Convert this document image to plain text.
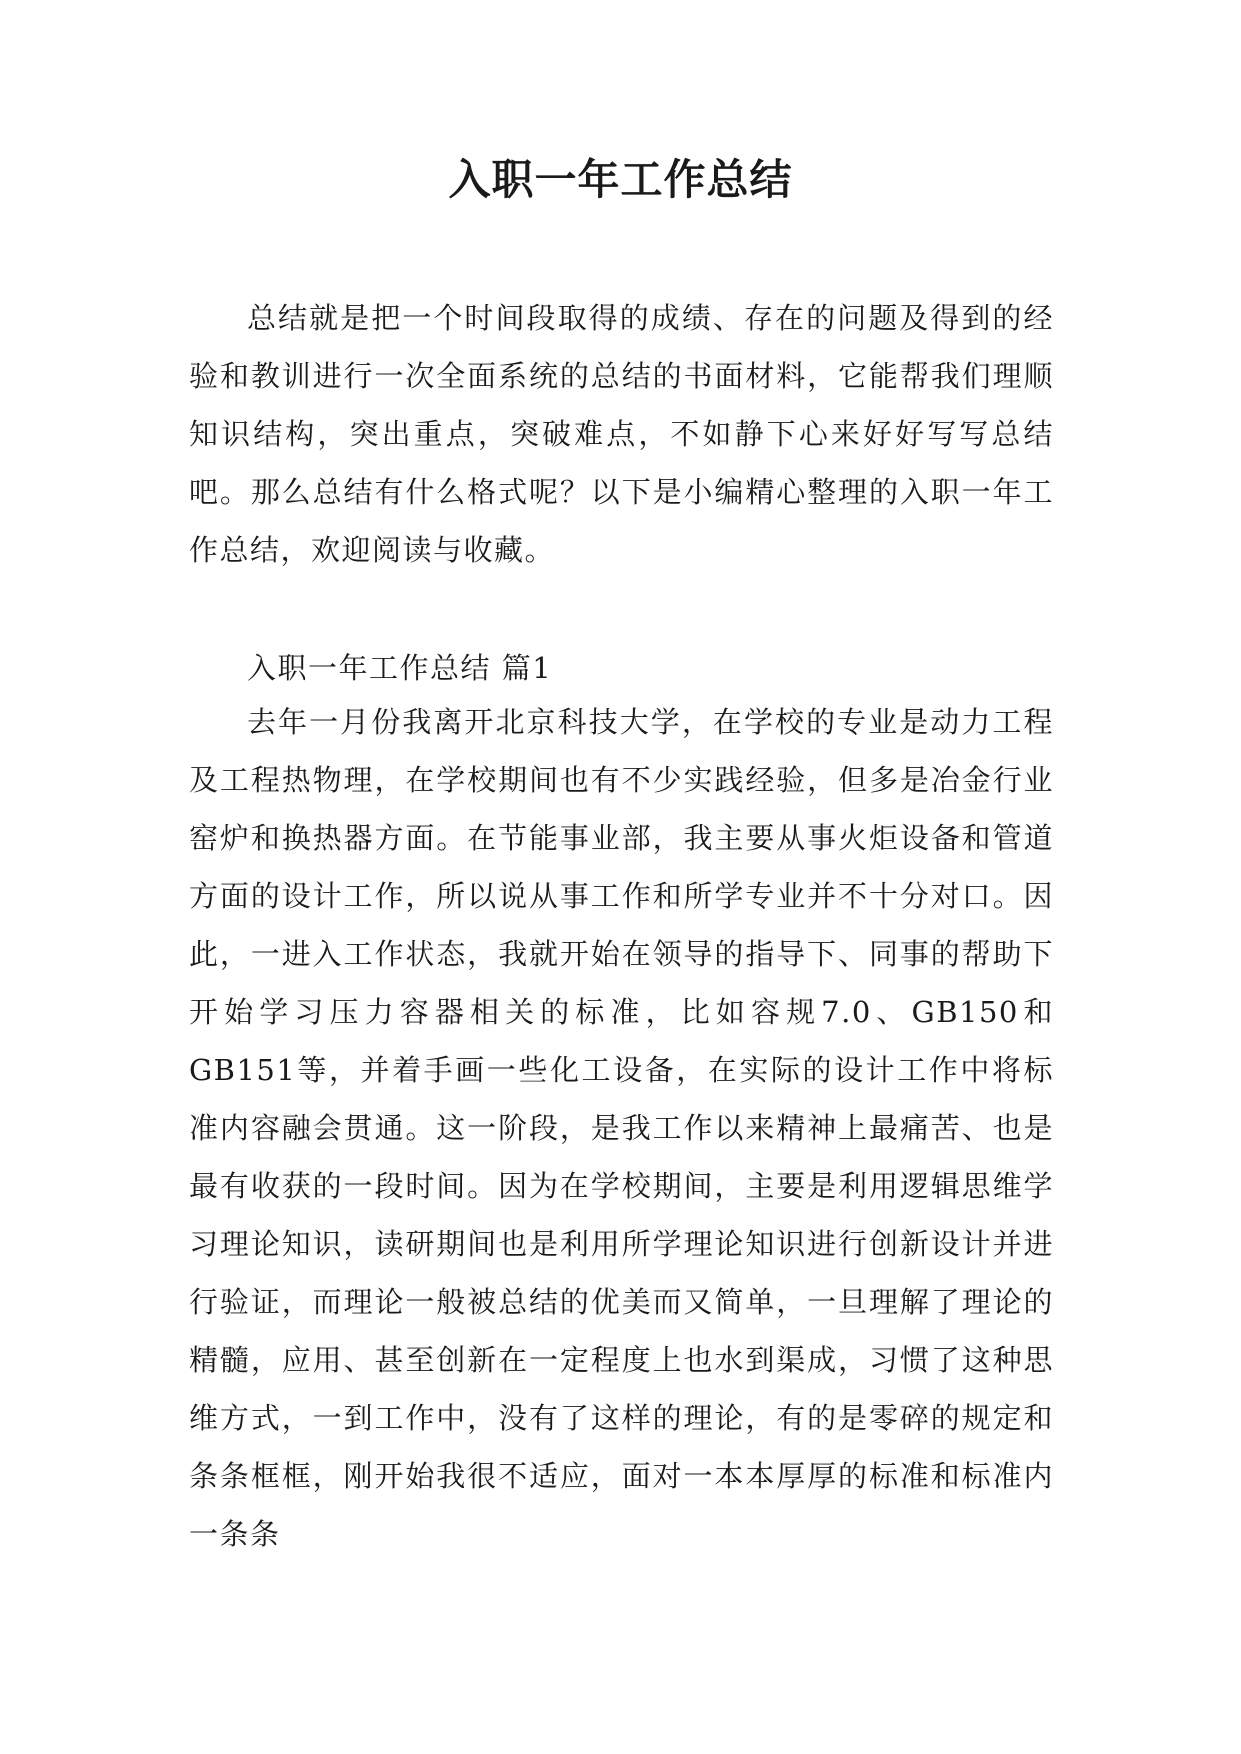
入职一年工作总结

总结就是把一个时间段取得的成绩、存在的问题及得到的经验和教训进行一次全面系统的总结的书面材料，它能帮我们理顺知识结构，突出重点，突破难点，不如静下心来好好写写总结吧。那么总结有什么格式呢？以下是小编精心整理的入职一年工作总结，欢迎阅读与收藏。

入职一年工作总结 篇1

去年一月份我离开北京科技大学，在学校的专业是动力工程及工程热物理，在学校期间也有不少实践经验，但多是冶金行业窑炉和换热器方面。在节能事业部，我主要从事火炬设备和管道方面的设计工作，所以说从事工作和所学专业并不十分对口。因此，一进入工作状态，我就开始在领导的指导下、同事的帮助下开始学习压力容器相关的标准，比如容规7.0、GB150和GB151等，并着手画一些化工设备，在实际的设计工作中将标准内容融会贯通。这一阶段，是我工作以来精神上最痛苦、也是最有收获的一段时间。因为在学校期间，主要是利用逻辑思维学习理论知识，读研期间也是利用所学理论知识进行创新设计并进行验证，而理论一般被总结的优美而又简单，一旦理解了理论的精髓，应用、甚至创新在一定程度上也水到渠成，习惯了这种思维方式，一到工作中，没有了这样的理论，有的是零碎的规定和条条框框，刚开始我很不适应，面对一本本厚厚的标准和标准内一条条
